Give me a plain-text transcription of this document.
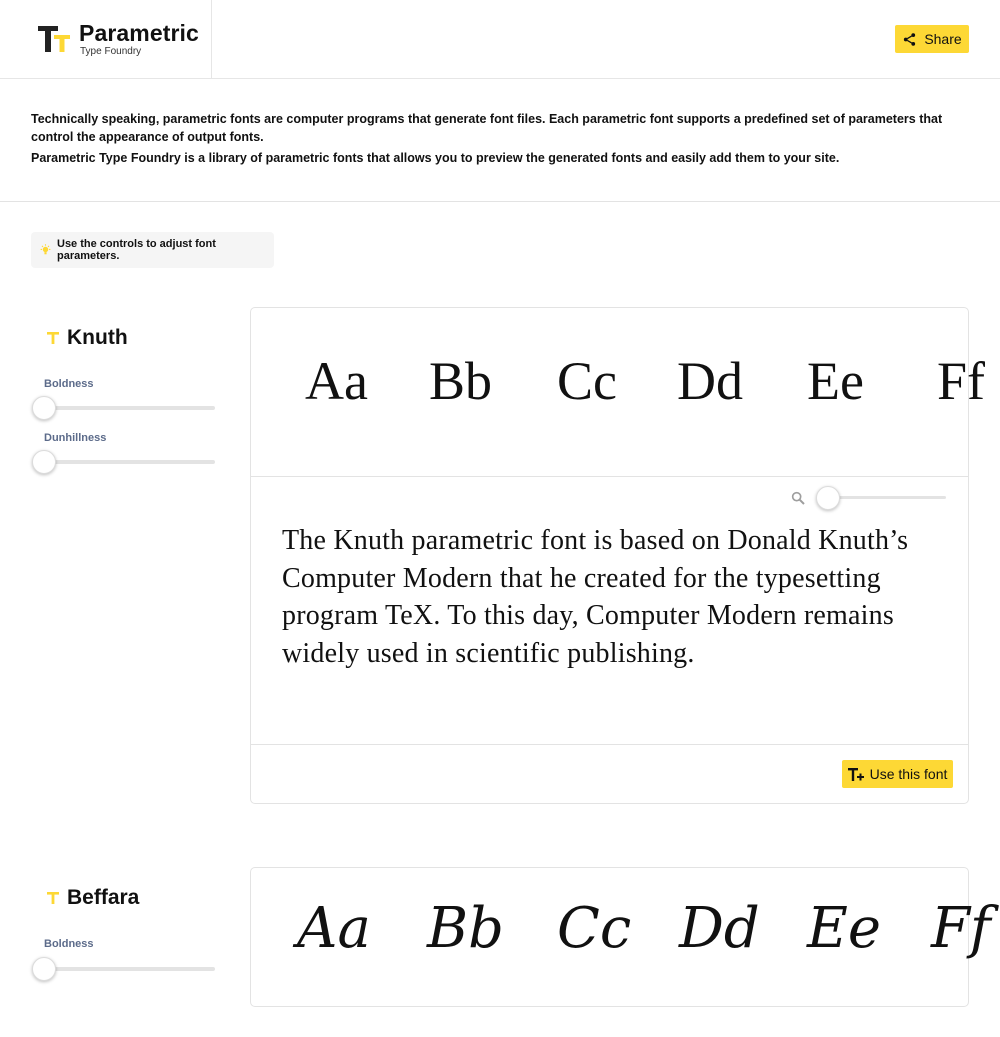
Parametric
Type Foundry
Share

Technically speaking, parametric fonts are computer programs that generate font files. Each parametric font supports a predefined set of parameters that control the appearance of output fonts.

Parametric Type Foundry is a library of parametric fonts that allows you to preview the generated fonts and easily add them to your site.

Use the controls to adjust font parameters.
Knuth
Boldness
Dunhillness
Aa Bb Cc Dd Ee Ff
The Knuth parametric font is based on Donald Knuth’s Computer Modern that he created for the typesetting program TeX. To this day, Computer Modern remains widely used in scientific publishing.
Use this font
Beffara
Boldness	Aa Bb Cc Dd Ee Ff
